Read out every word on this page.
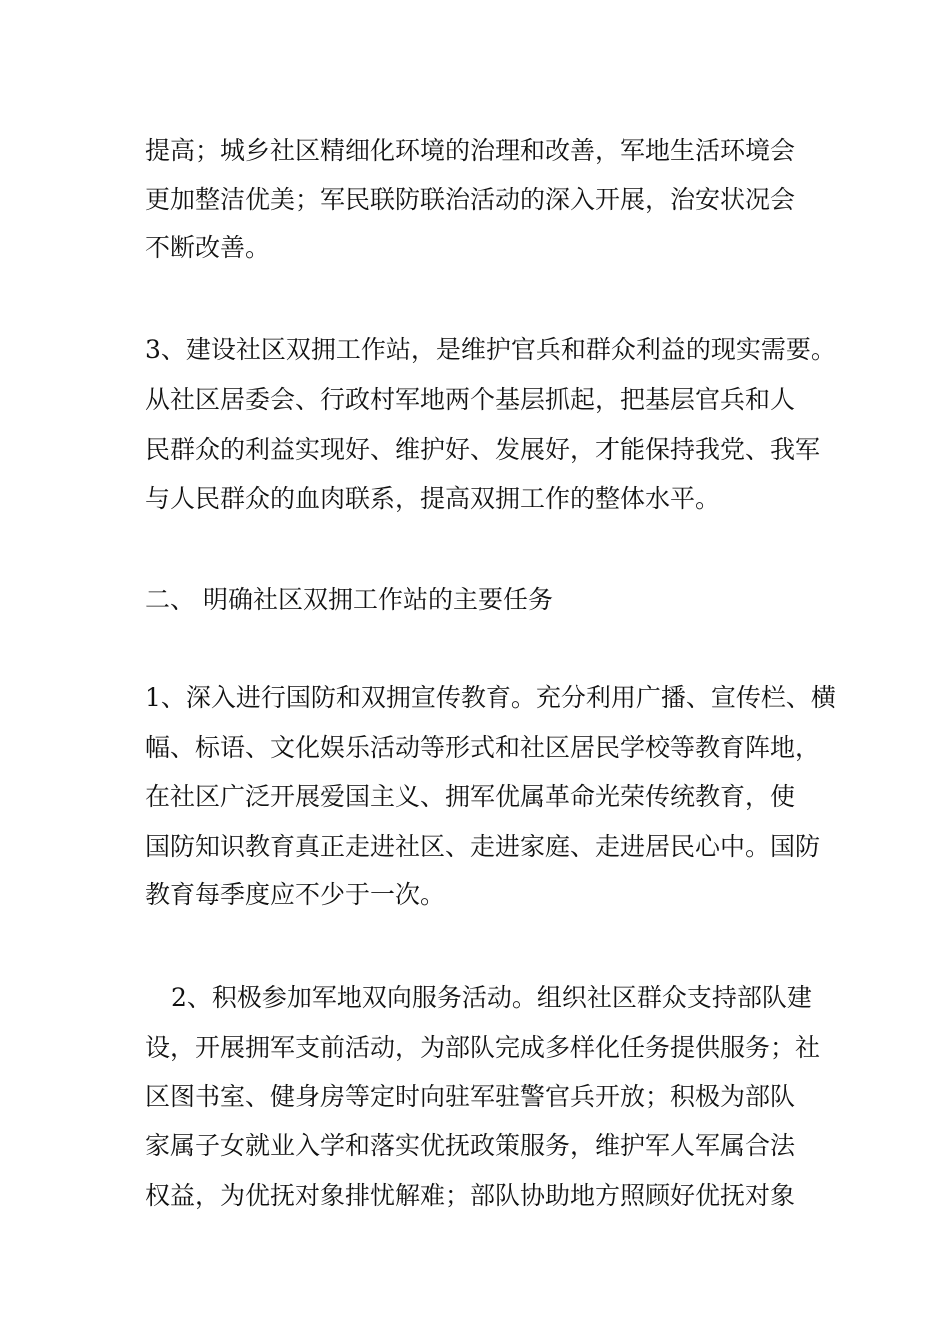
提高；城乡社区精细化环境的治理和改善，军地生活环境会

更加整洁优美；军民联防联治活动的深入开展，治安状况会

不断改善。

3、建设社区双拥工作站，是维护官兵和群众利益的现实需要。

从社区居委会、行政村军地两个基层抓起，把基层官兵和人

民群众的利益实现好、维护好、发展好，才能保持我党、我军

与人民群众的血肉联系，提高双拥工作的整体水平。

二、 明确社区双拥工作站的主要任务

1、深入进行国防和双拥宣传教育。充分利用广播、宣传栏、横

幅、标语、文化娱乐活动等形式和社区居民学校等教育阵地，

在社区广泛开展爱国主义、拥军优属革命光荣传统教育，使

国防知识教育真正走进社区、走进家庭、走进居民心中。国防

教育每季度应不少于一次。

2、积极参加军地双向服务活动。组织社区群众支持部队建

设，开展拥军支前活动，为部队完成多样化任务提供服务；社

区图书室、健身房等定时向驻军驻警官兵开放；积极为部队

家属子女就业入学和落实优抚政策服务，维护军人军属合法

权益，为优抚对象排忧解难；部队协助地方照顾好优抚对象
